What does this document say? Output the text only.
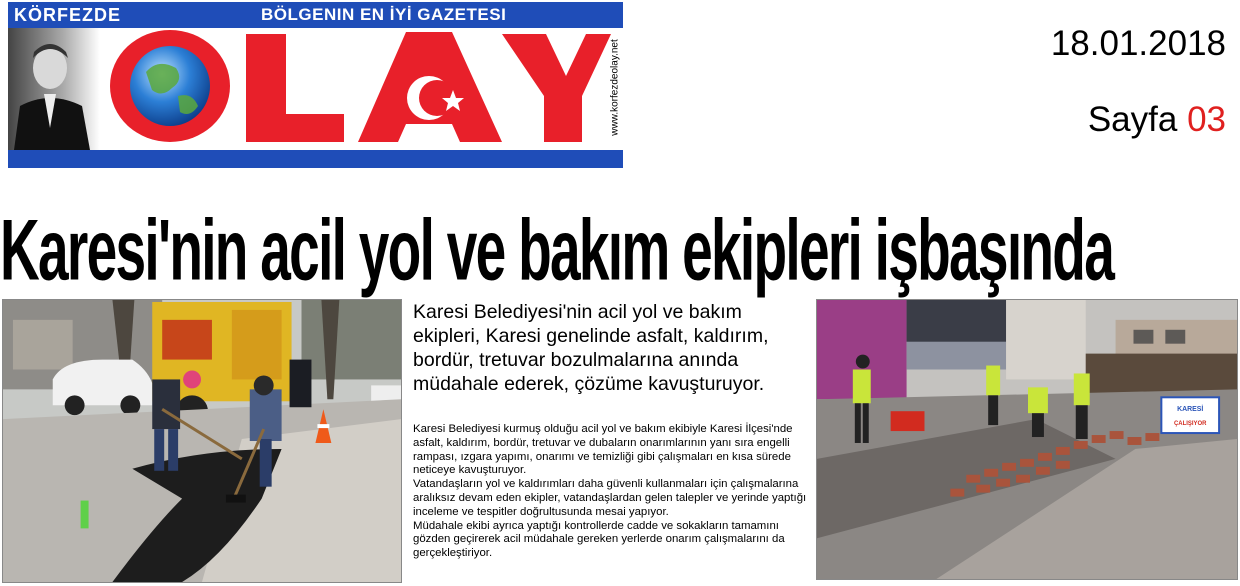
KÖRFEZDE	BÖLGENIN EN İYİ GAZETESI
www.korfezdeolay.net	18.01.2018
Sayfa 03
Karesi'nin acil yol ve bakım ekipleri işbaşında
Karesi Belediyesi'nin acil yol ve bakım ekipleri, Karesi genelinde asfalt, kaldırım, bordür, tretuvar bozulmalarına anında müdahale ederek, çözüme kavuşturuyor.

Karesi Belediyesi kurmuş olduğu acil yol ve bakım ekibiyle Karesi İlçesi'nde asfalt, kaldırım, bordür, tretuvar ve dubaların onarımlarının yanı sıra engelli rampası, ızgara yapımı, onarımı ve temizliği gibi çalışmaları en kısa sürede neticeye kavuşturuyor.

Vatandaşların yol ve kaldırımları daha güvenli kullanmaları için çalışmalarına aralıksız devam eden ekipler, vatandaşlardan gelen talepler ve yerinde yaptığı inceleme ve tespitler doğrultusunda mesai yapıyor.

Müdahale ekibi ayrıca yaptığı kontrollerde cadde ve sokakların tamamını gözden geçirerek acil müdahale gereken yerlerde onarım çalışmalarını da gerçekleştiriyor.

KARESİ
ÇALIŞIYOR
